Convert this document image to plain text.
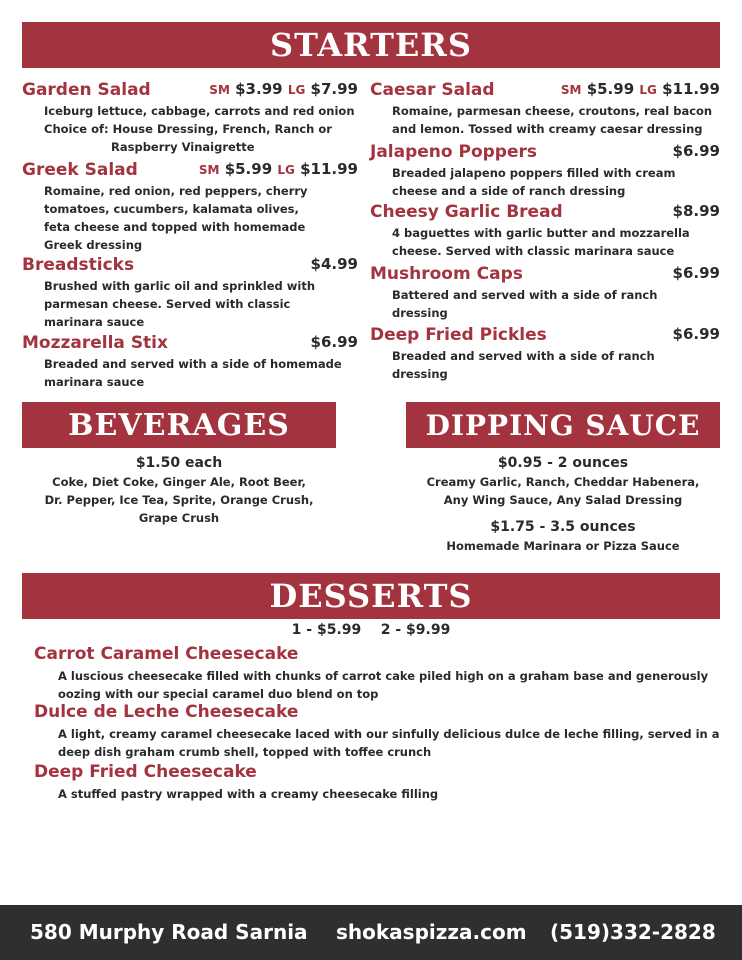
STARTERS
Garden Salad	SM $3.99 LG $7.99
Iceburg lettuce, cabbage, carrots and red onion
Choice of: House Dressing, French, Ranch or
Raspberry Vinaigrette
Greek Salad	SM $5.99 LG $11.99
Romaine, red onion, red peppers, cherry
tomatoes, cucumbers, kalamata olives,
feta cheese and topped with homemade
Greek dressing
Breadsticks	$4.99
Brushed with garlic oil and sprinkled with
parmesan cheese. Served with classic
marinara sauce
Mozzarella Stix	$6.99
Breaded and served with a side of homemade
marinara sauce
Caesar Salad	SM $5.99 LG $11.99
Romaine, parmesan cheese, croutons, real bacon
and lemon. Tossed with creamy caesar dressing
Jalapeno Poppers	$6.99
Breaded jalapeno poppers filled with cream
cheese and a side of ranch dressing
Cheesy Garlic Bread	$8.99
4 baguettes with garlic butter and mozzarella
cheese. Served with classic marinara sauce
Mushroom Caps	$6.99
Battered and served with a side of ranch
dressing
Deep Fried Pickles	$6.99
Breaded and served with a side of ranch
dressing
BEVERAGES
$1.50 each
Coke, Diet Coke, Ginger Ale, Root Beer,
Dr. Pepper, Ice Tea, Sprite, Orange Crush,
Grape Crush
DIPPING SAUCE
$0.95 - 2 ounces
Creamy Garlic, Ranch, Cheddar Habenera,
Any Wing Sauce, Any Salad Dressing
$1.75 - 3.5 ounces
Homemade Marinara or Pizza Sauce
DESSERTS
1 - $5.99    2 - $9.99
Carrot Caramel Cheesecake
A luscious cheesecake filled with chunks of carrot cake piled high on a graham base and generously
oozing with our special caramel duo blend on top
Dulce de Leche Cheesecake
A light, creamy caramel cheesecake laced with our sinfully delicious dulce de leche filling, served in a
deep dish graham crumb shell, topped with toffee crunch
Deep Fried Cheesecake
A stuffed pastry wrapped with a creamy cheesecake filling
580 Murphy Road Sarnia shokaspizza.com (519)332-2828
